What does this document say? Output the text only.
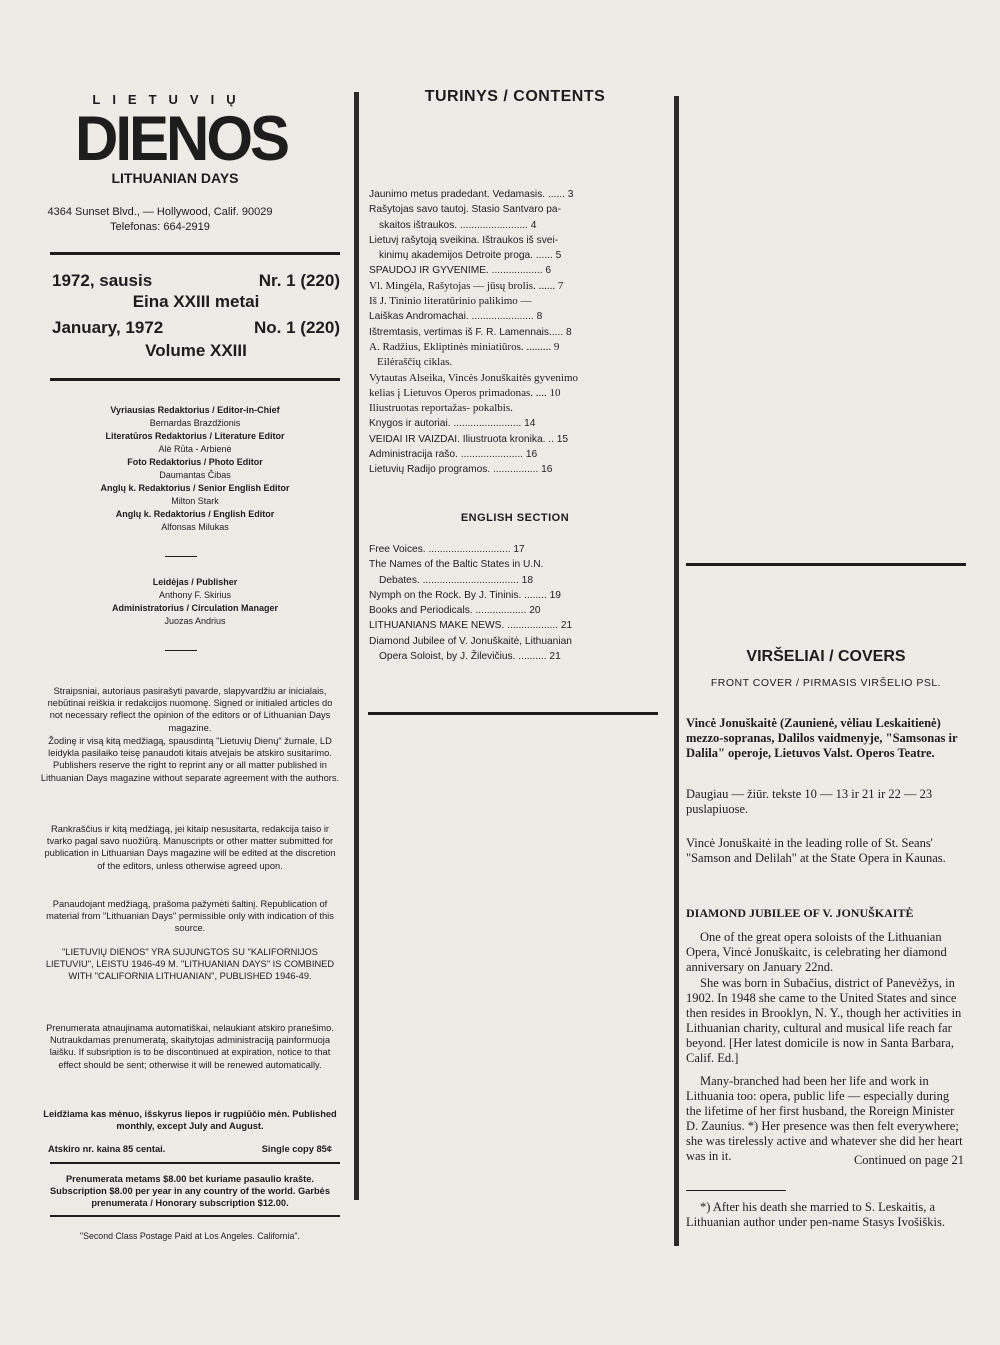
LIETUVIŲ
DIENOS
LITHUANIAN DAYS
4364 Sunset Blvd., — Hollywood, Calif. 90029
Telefonas: 664-2919
1972, sausis	Nr. 1 (220)
Eina XXIII metai
January, 1972	No. 1 (220)
Volume XXIII
Vyriausias Redaktorius / Editor-in-Chief
Bernardas Brazdžionis
Literatūros Redaktorius / Literature Editor
Alė Rūta - Arbienė
Foto Redaktorius / Photo Editor
Daumantas Čibas
Anglų k. Redaktorius / Senior English Editor
Milton Stark
Anglų k. Redaktorius / English Editor
Alfonsas Milukas
Leidėjas / Publisher
Anthony F. Skirius
Administratorius / Circulation Manager
Juozas Andrius
Straipsniai, autoriaus pasirašyti pavarde, slapyvardžiu ar inicialais, nebūtinai reiškia ir redakcijos nuomonę. Signed or initialed articles do not necessary reflect the opinion of the editors or of Lithuanian Days magazine.
Žodinę ir visą kitą medžiagą, spausdintą "Lietuvių Dienų" žurnale, LD leidykla pasilaiko teisę panaudoti kitais atvejais be atskiro susitarimo. Publishers reserve the right to reprint any or all matter published in Lithuanian Days magazine without separate agreement with the authors.
Rankraščius ir kitą medžiagą, jei kitaip nesusitarta, redakcija taiso ir tvarko pagal savo nuožiūrą. Manuscripts or other matter submitted for publication in Lithuanian Days magazine will be edited at the discretion of the editors, unless otherwise agreed upon.
Panaudojant medžiagą, prašoma pažymėti šaltinį. Republication of material from "Lithuanian Days" permissible only with indication of this source.
"LIETUVIŲ DIENOS" YRA SUJUNGTOS SU "KALIFORNIJOS LIETUVIU", LEISTU 1946-49 M. "LITHUANIAN DAYS" IS COMBINED WITH "CALIFORNIA LITHUANIAN", PUBLISHED 1946-49.
Prenumerata atnaujinama automatiškai, nelaukiant atskiro pranešimo. Nutraukdamas prenumeratą, skaitytojas administraciją painformuoja laišku. If subsription is to be discontinued at expiration, notice to that effect should be sent; otherwise it will be renewed automatically.
Leidžiama kas mėnuo, išskyrus liepos ir rugpiūčio mėn. Published monthly, except July and August.
Atskiro nr. kaina 85 centai.	Single copy 85¢
Prenumerata metams $8.00 bet kuriame pasaulio krašte. Subscription $8.00 per year in any country of the world. Garbės prenumerata / Honorary subscription $12.00.
"Second Class Postage Paid at Los Angeles. California".
TURINYS / CONTENTS
Jaunimo metus pradedant. Vedamasis. ...... 3
Rašytojas savo tautoj. Stasio Santvaro pa-
skaitos ištraukos. ........................ 4
Lietuvį rašytoją sveikina. Ištraukos iš svei-
kinimų akademijos Detroite proga. ...... 5
SPAUDOJ IR GYVENIME. .................. 6
Vl. Mingėla, Rašytojas — jūsų brolis. ...... 7
Iš J. Tininio literatūrinio palikimo —
Laiškas Andromachai. ...................... 8
Ištremtasis, vertimas iš F. R. Lamennais..... 8
A. Radžius, Ekliptinės miniatiūros. ......... 9
Eilėraščių ciklas.
Vytautas Alseika, Vincės Jonuškaitės gyvenimo
kelias į Lietuvos Operos primadonas. .... 10
Iliustruotas reportažas- pokalbis.
Knygos ir autoriai. ........................ 14
VEIDAI IR VAIZDAI. Iliustruota kronika. .. 15
Administracija rašo. ...................... 16
Lietuvių Radijo programos. ................ 16
ENGLISH SECTION
Free Voices. ............................. 17
The Names of the Baltic States in U.N.
Debates. .................................. 18
Nymph on the Rock. By J. Tininis. ........ 19
Books and Periodicals. .................. 20
LITHUANIANS MAKE NEWS. .................. 21
Diamond Jubilee of V. Jonuškaitė, Lithuanian
Opera Soloist, by J. Žilevičius. .......... 21	VIRŠELIAI / COVERS
FRONT COVER / PIRMASIS VIRŠELIO PSL.
Vincė Jonuškaitė (Zaunienė, vėliau Leskaitienė) mezzo-sopranas, Dalilos vaidmenyje, "Samsonas ir Dalila" operoje, Lietuvos Valst. Operos Teatre.
Daugiau — žiūr. tekste 10 — 13 ir 21 ir 22 — 23 puslapiuose.
Vincė Jonuškaitė in the leading rolle of St. Seans' "Samson and Delilah" at the State Opera in Kaunas.
DIAMOND JUBILEE OF V. JONUŠKAITĖ
One of the great opera soloists of the Lithuanian Opera, Vincė Jonuškaitc, is celebrating her diamond anniversary on January 22nd.
She was born in Subačius, district of Panevėžys, in 1902. In 1948 she came to the United States and since then resides in Brooklyn, N. Y., though her activities in Lithuanian charity, cultural and musical life reach far beyond. [Her latest domicile is now in Santa Barbara, Calif. Ed.]
Many-branched had been her life and work in Lithuania too: opera, public life — especially during the lifetime of her first husband, the Roreign Minister D. Zaunius. *) Her presence was then felt everywhere; she was tirelessly active and whatever she did her heart was in it.	Continued on page 21
*) After his death she married to S. Leskaitis, a Lithuanian author under pen-name Stasys Ivošiškis.
